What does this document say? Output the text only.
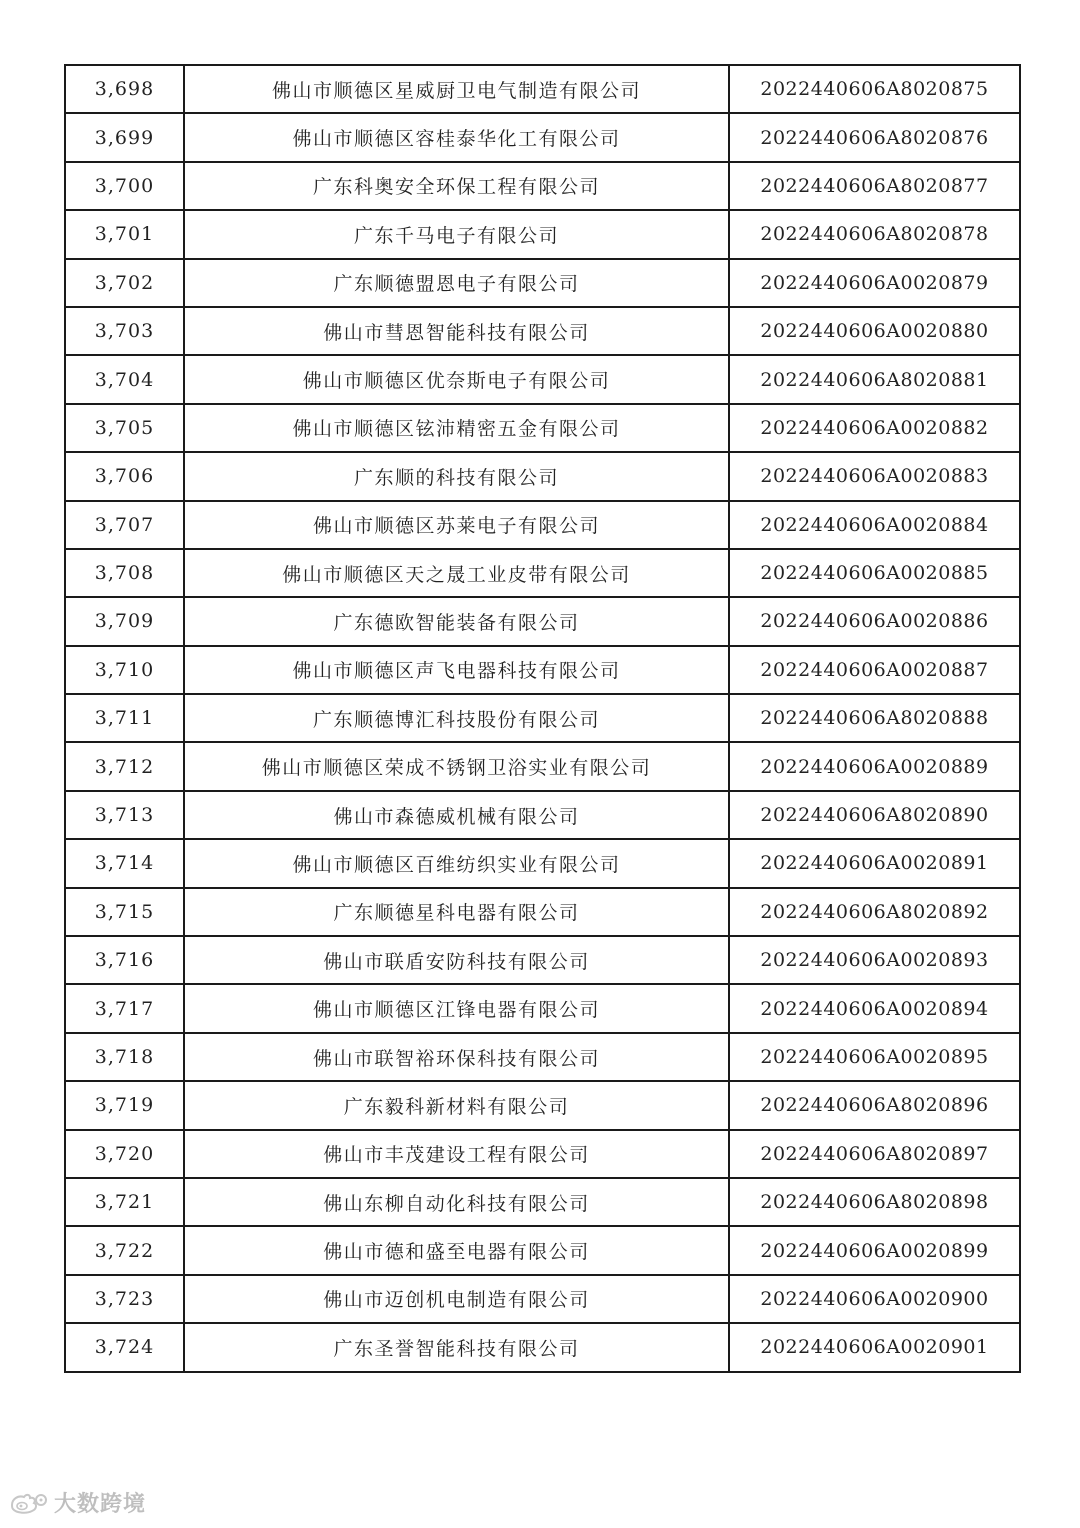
3,698	佛山市顺德区星威厨卫电气制造有限公司	2022440606A8020875
3,699	佛山市顺德区容桂泰华化工有限公司	2022440606A8020876
3,700	广东科奥安全环保工程有限公司	2022440606A8020877
3,701	广东千马电子有限公司	2022440606A8020878
3,702	广东顺德盟恩电子有限公司	2022440606A0020879
3,703	佛山市彗恩智能科技有限公司	2022440606A0020880
3,704	佛山市顺德区优奈斯电子有限公司	2022440606A8020881
3,705	佛山市顺德区铉沛精密五金有限公司	2022440606A0020882
3,706	广东顺的科技有限公司	2022440606A0020883
3,707	佛山市顺德区苏莱电子有限公司	2022440606A0020884
3,708	佛山市顺德区天之晟工业皮带有限公司	2022440606A0020885
3,709	广东德欧智能装备有限公司	2022440606A0020886
3,710	佛山市顺德区声飞电器科技有限公司	2022440606A0020887
3,711	广东顺德博汇科技股份有限公司	2022440606A8020888
3,712	佛山市顺德区荣成不锈钢卫浴实业有限公司	2022440606A0020889
3,713	佛山市森德威机械有限公司	2022440606A8020890
3,714	佛山市顺德区百维纺织实业有限公司	2022440606A0020891
3,715	广东顺德星科电器有限公司	2022440606A8020892
3,716	佛山市联盾安防科技有限公司	2022440606A0020893
3,717	佛山市顺德区江锋电器有限公司	2022440606A0020894
3,718	佛山市联智裕环保科技有限公司	2022440606A0020895
3,719	广东毅科新材料有限公司	2022440606A8020896
3,720	佛山市丰茂建设工程有限公司	2022440606A8020897
3,721	佛山东柳自动化科技有限公司	2022440606A8020898
3,722	佛山市德和盛至电器有限公司	2022440606A0020899
3,723	佛山市迈创机电制造有限公司	2022440606A0020900
3,724	广东圣誉智能科技有限公司	2022440606A0020901
大数跨境
